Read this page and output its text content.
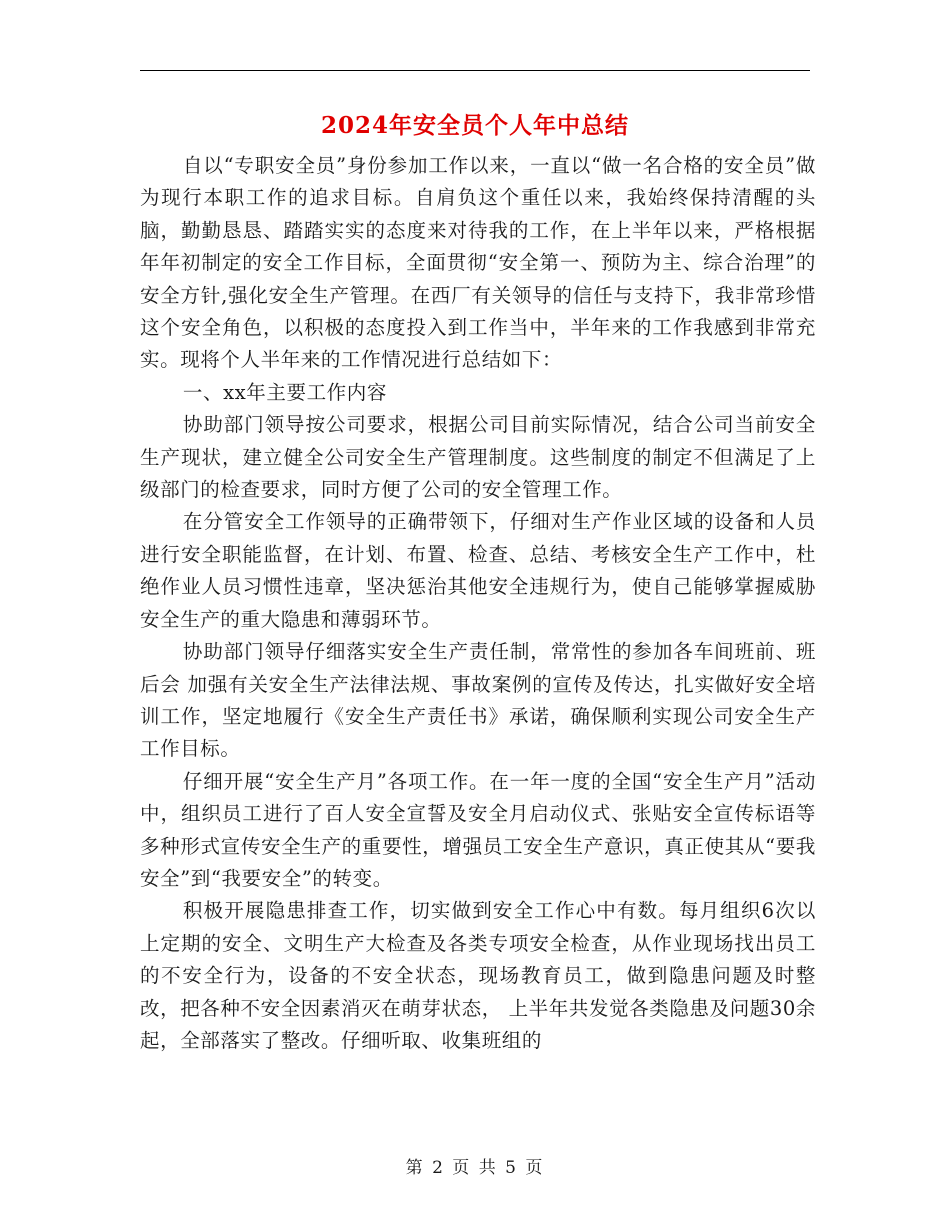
2024年安全员个人年中总结

自以“专职安全员”身份参加工作以来，一直以“做一名合格的安全员”做为现行本职工作的追求目标。自肩负这个重任以来，我始终保持清醒的头脑，勤勤恳恳、踏踏实实的态度来对待我的工作，在上半年以来，严格根据 年年初制定的安全工作目标，全面贯彻“安全第一、预防为主、综合治理”的安全方针,强化安全生产管理。在西厂有关领导的信任与支持下，我非常珍惜这个安全角色，以积极的态度投入到工作当中，半年来的工作我感到非常充实。现将个人半年来的工作情况进行总结如下：

一、xx年主要工作内容

协助部门领导按公司要求，根据公司目前实际情况，结合公司当前安全生产现状，建立健全公司安全生产管理制度。这些制度的制定不但满足了上级部门的检查要求，同时方便了公司的安全管理工作。

在分管安全工作领导的正确带领下，仔细对生产作业区域的设备和人员进行安全职能监督，在计划、布置、检查、总结、考核安全生产工作中，杜绝作业人员习惯性违章，坚决惩治其他安全违规行为，使自己能够掌握威胁安全生产的重大隐患和薄弱环节。

协助部门领导仔细落实安全生产责任制，常常性的参加各车间班前、班后会 加强有关安全生产法律法规、事故案例的宣传及传达，扎实做好安全培训工作，坚定地履行《安全生产责任书》承诺，确保顺利实现公司安全生产工作目标。

仔细开展“安全生产月”各项工作。在一年一度的全国“安全生产月”活动中，组织员工进行了百人安全宣誓及安全月启动仪式、张贴安全宣传标语等多种形式宣传安全生产的重要性，增强员工安全生产意识，真正使其从“要我安全”到“我要安全”的转变。

积极开展隐患排查工作，切实做到安全工作心中有数。每月组织6次以上定期的安全、文明生产大检查及各类专项安全检查，从作业现场找出员工的不安全行为，设备的不安全状态，现场教育员工，做到隐患问题及时整改，把各种不安全因素消灭在萌芽状态， 上半年共发觉各类隐患及问题30余起，全部落实了整改。仔细听取、收集班组的

第 2 页 共 5 页
